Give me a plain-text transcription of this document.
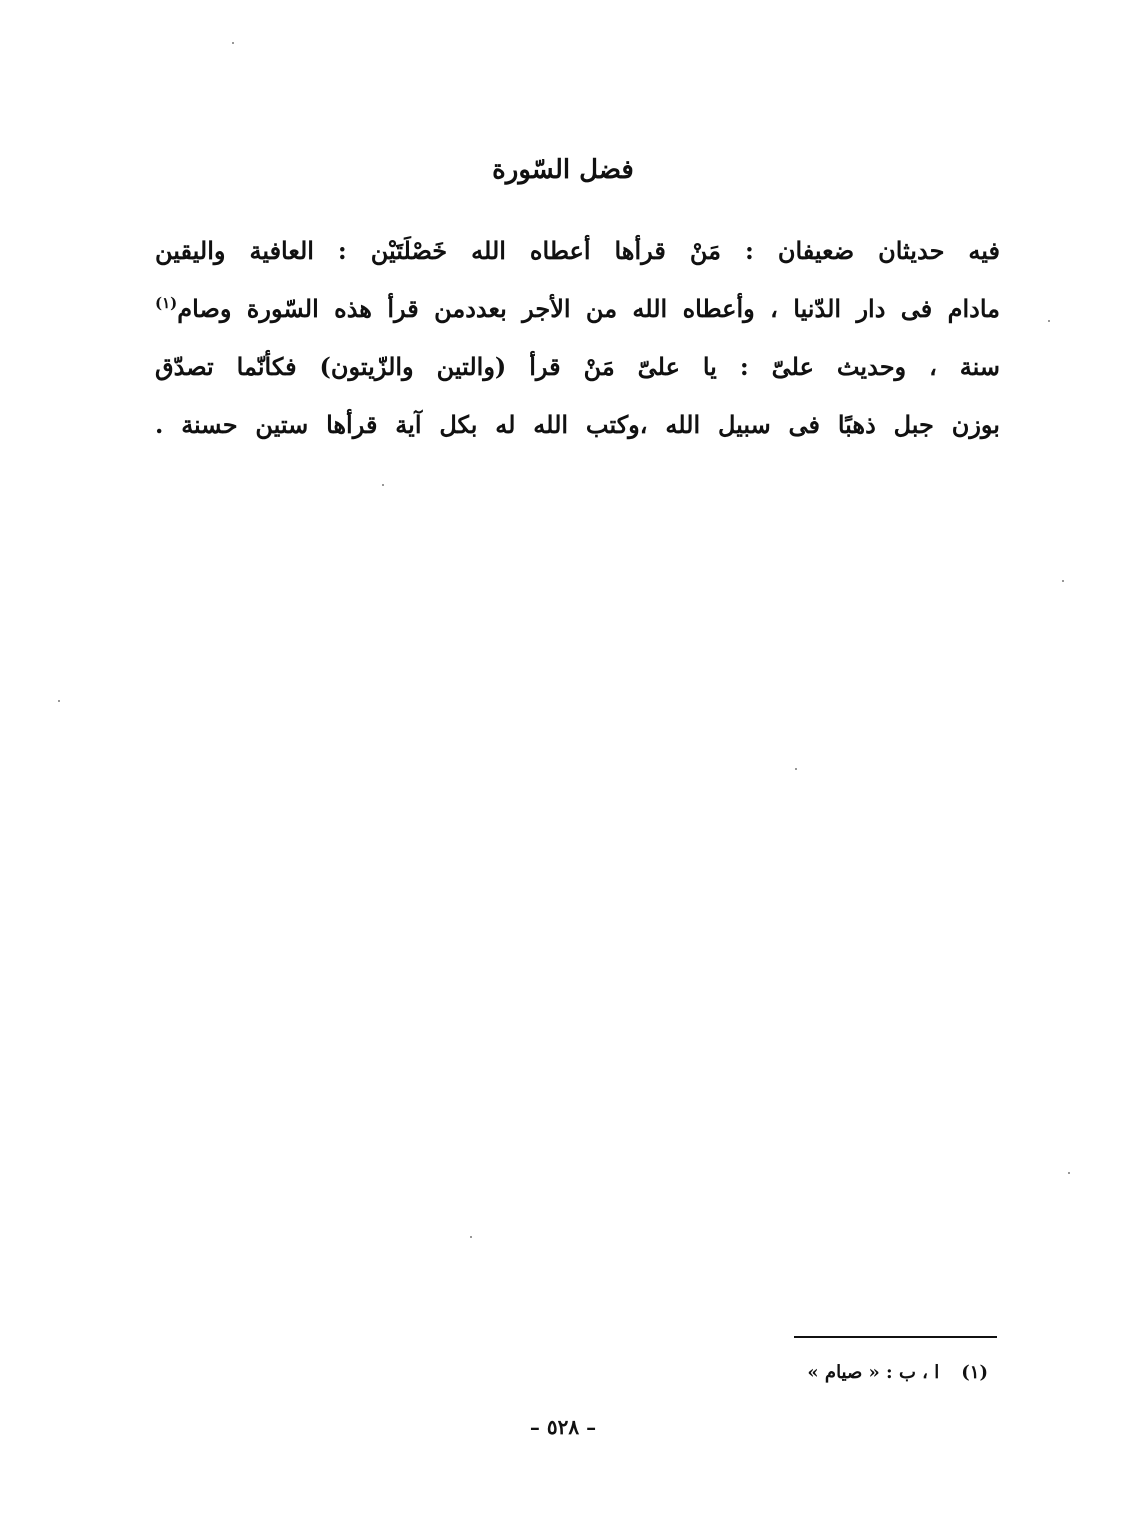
فضل السّورة
فيه حديثان ضعيفان : مَنْ قرأها أعطاه الله خَصْلَتَيْن : العافية واليقين
مادام فى دار الدّنيا ، وأعطاه الله من الأجر بعددمن قرأ هذه السّورة وصام$^{(١)}$
سنة ، وحديث علىّ : يا علىّ مَنْ قرأ (والتين والزّيتون) فكأنّما تصدّق
بوزن جبل ذهبًا فى سبيل الله ،وكتب الله له بكل آية قرأها ستين حسنة .
(١)ا ، ب : « صيام »
– ٥٢٨ –
